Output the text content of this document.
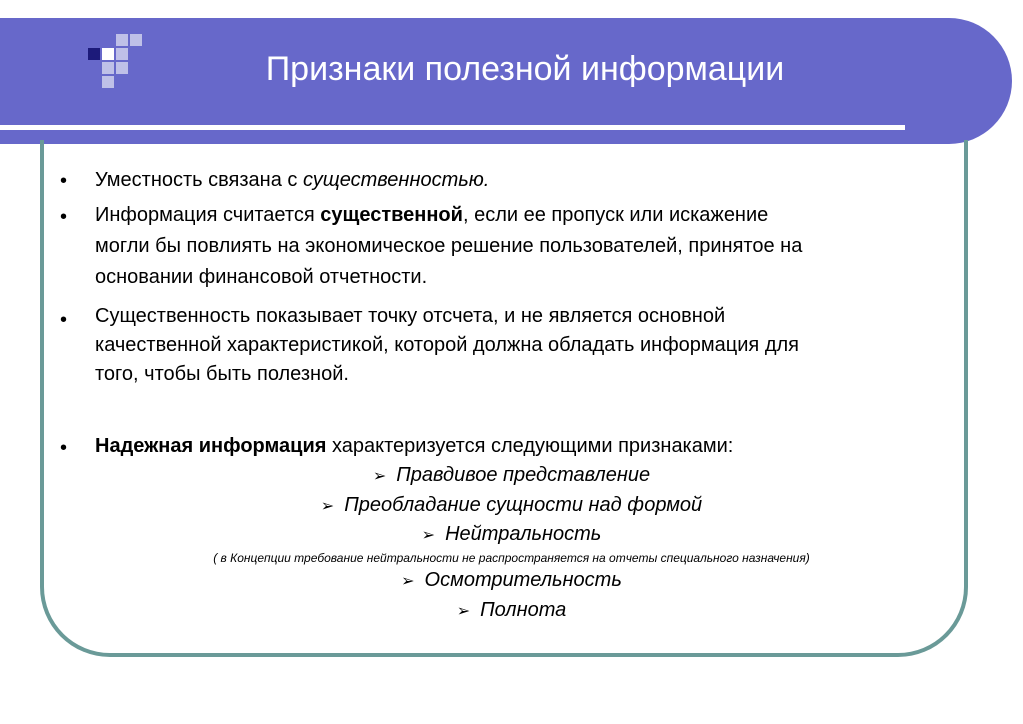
Признаки полезной информации
• Уместность связана с существенностью.
• Информация считается существенной, если ее пропуск или искажение
могли бы повлиять на экономическое решение пользователей, принятое на
основании финансовой отчетности.
• Существенность показывает точку отсчета, и не является основной
качественной характеристикой, которой должна обладать информация для
того, чтобы быть полезной.
• Надежная информация характеризуется следующими признаками:
➢ Правдивое представление
➢ Преобладание сущности над формой
➢ Нейтральность
( в Концепции требование нейтральности не распространяется на отчеты специального назначения)
➢ Осмотрительность
➢ Полнота
